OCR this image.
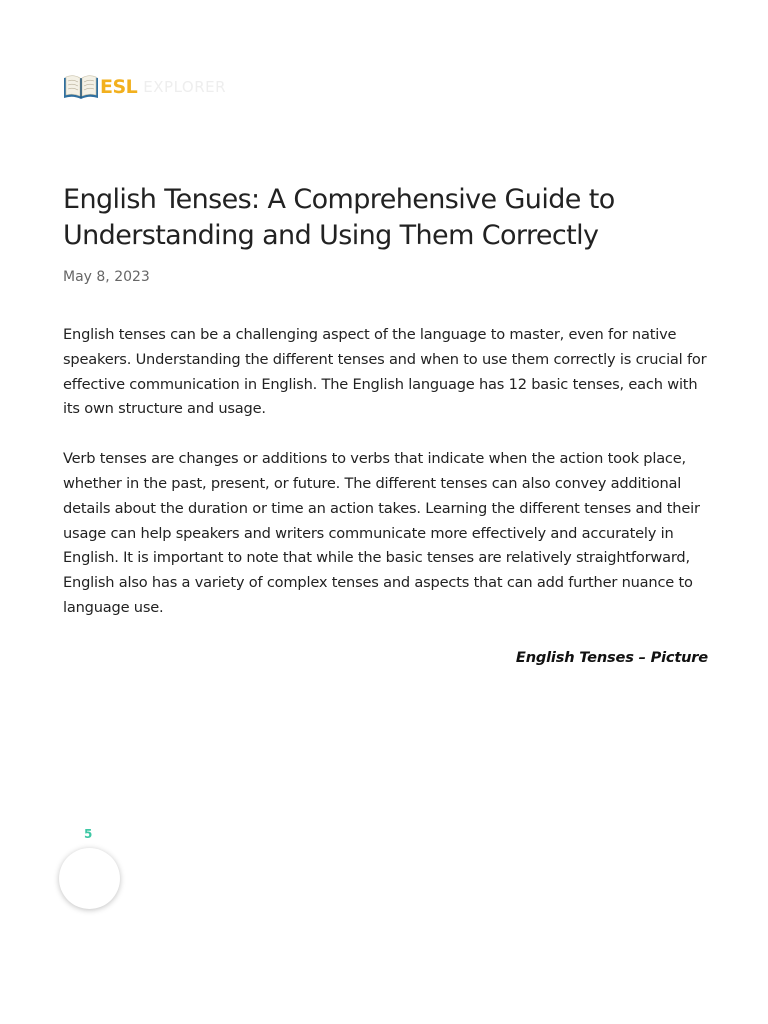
ESL EXPLORER
English Tenses: A Comprehensive Guide to Understanding and Using Them Correctly
May 8, 2023

English tenses can be a challenging aspect of the language to master, even for native speakers. Understanding the different tenses and when to use them correctly is crucial for effective communication in English. The English language has 12 basic tenses, each with its own structure and usage.

Verb tenses are changes or additions to verbs that indicate when the action took place, whether in the past, present, or future. The different tenses can also convey additional details about the duration or time an action takes. Learning the different tenses and their usage can help speakers and writers communicate more effectively and accurately in English. It is important to note that while the basic tenses are relatively straightforward, English also has a variety of complex tenses and aspects that can add further nuance to language use.

English Tenses – Picture
5
